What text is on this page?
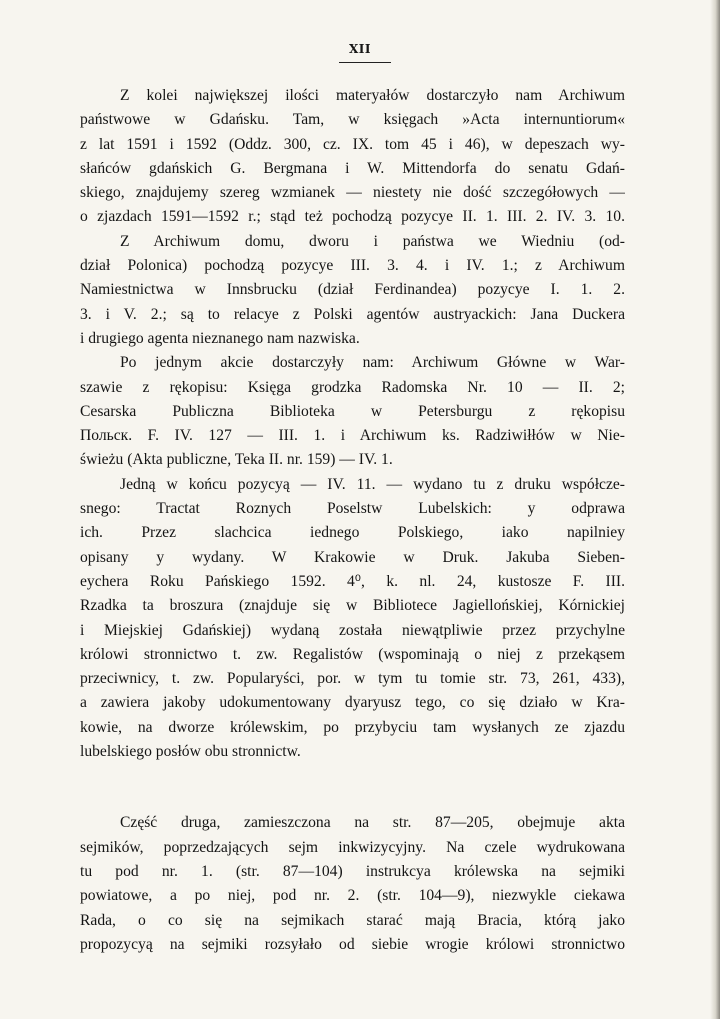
XII
Z kolei największej ilości materyałów dostarczyło nam Archiwum
państwowe w Gdańsku. Tam, w księgach »Acta internuntiorum«
z lat 1591 i 1592 (Oddz. 300, cz. IX. tom 45 i 46), w depeszach wy-
słańców gdańskich G. Bergmana i W. Mittendorfa do senatu Gdań-
skiego, znajdujemy szereg wzmianek — niestety nie dość szczegółowych —
o zjazdach 1591—1592 r.; stąd też pochodzą pozycye II. 1. III. 2. IV. 3. 10.
Z Archiwum domu, dworu i państwa we Wiedniu (od-
dział Polonica) pochodzą pozycye III. 3. 4. i IV. 1.; z Archiwum
Namiestnictwa w Innsbrucku (dział Ferdinandea) pozycye I. 1. 2.
3. i V. 2.; są to relacye z Polski agentów austryackich: Jana Duckera
i drugiego agenta nieznanego nam nazwiska.
Po jednym akcie dostarczyły nam: Archiwum Główne w War-
szawie z rękopisu: Księga grodzka Radomska Nr. 10 — II. 2;
Cesarska Publiczna Biblioteka w Petersburgu z rękopisu
Польск. F. IV. 127 — III. 1. i Archiwum ks. Radziwiłłów w Nie-
świeżu (Akta publiczne, Teka II. nr. 159) — IV. 1.
Jedną w końcu pozycyą — IV. 11. — wydano tu z druku współcze-
snego: Tractat Roznych Poselstw Lubelskich: y odprawa
ich. Przez slachcica iednego Polskiego, iako napilniey
opisany y wydany. W Krakowie w Druk. Jakuba Sieben-
eychera Roku Pańskiego 1592. 4⁰, k. nl. 24, kustosze F. III.
Rzadka ta broszura (znajduje się w Bibliotece Jagiellońskiej, Kórnickiej
i Miejskiej Gdańskiej) wydaną została niewątpliwie przez przychylne
królowi stronnictwo t. zw. Regalistów (wspominają o niej z przekąsem
przeciwnicy, t. zw. Popularyści, por. w tym tu tomie str. 73, 261, 433),
a zawiera jakoby udokumentowany dyaryusz tego, co się działo w Kra-
kowie, na dworze królewskim, po przybyciu tam wysłanych ze zjazdu
lubelskiego posłów obu stronnictw.
Część druga, zamieszczona na str. 87—205, obejmuje akta
sejmików, poprzedzających sejm inkwizycyjny. Na czele wydrukowana
tu pod nr. 1. (str. 87—104) instrukcya królewska na sejmiki
powiatowe, a po niej, pod nr. 2. (str. 104—9), niezwykle ciekawa
Rada, o co się na sejmikach starać mają Bracia, którą jako
propozycyą na sejmiki rozsyłało od siebie wrogie królowi stronnictwo
